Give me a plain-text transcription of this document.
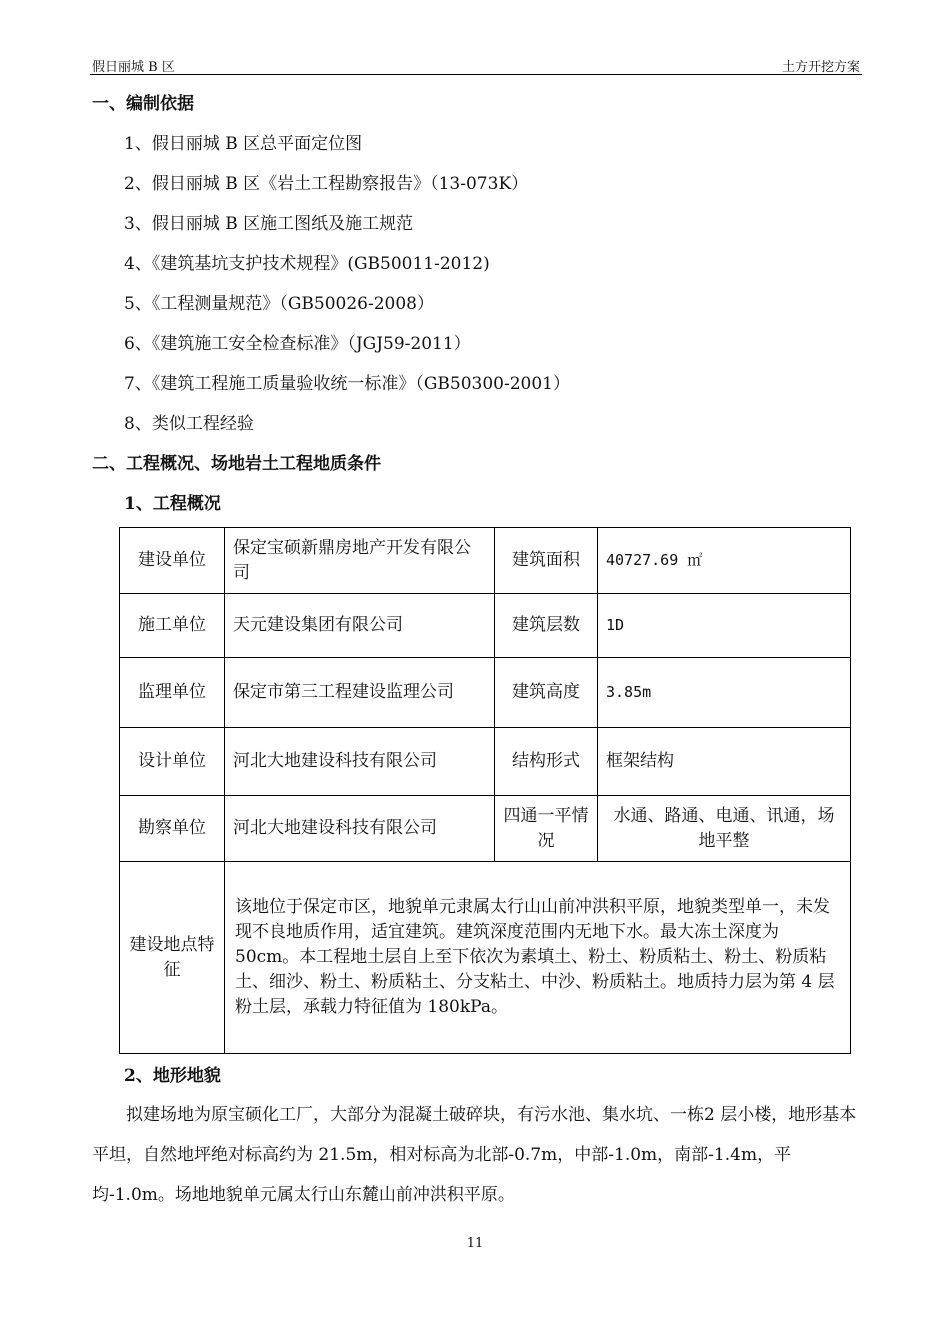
假日丽城 B 区	土方开挖方案
一、编制依据
1、假日丽城 B 区总平面定位图
2、假日丽城 B 区《岩土工程勘察报告》（13-073K）
3、假日丽城 B 区施工图纸及施工规范
4、《建筑基坑支护技术规程》(GB50011-2012)
5、《工程测量规范》（GB50026-2008）
6、《建筑施工安全检查标准》（JGJ59-2011）
7、《建筑工程施工质量验收统一标准》（GB50300-2001）
8、类似工程经验
二、工程概况、场地岩土工程地质条件
1、工程概况
建设单位	保定宝硕新鼎房地产开发有限公司	建筑面积	40727.69 ㎡
施工单位	天元建设集团有限公司	建筑层数	1D
监理单位	保定市第三工程建设监理公司	建筑高度	3.85m
设计单位	河北大地建设科技有限公司	结构形式	框架结构
勘察单位	河北大地建设科技有限公司	四通一平情况	水通、路通、电通、讯通，场地平整
建设地点特征	该地位于保定市区，地貌单元隶属太行山山前冲洪积平原，地貌类型单一，未发现不良地质作用，适宜建筑。建筑深度范围内无地下水。最大冻土深度为 50cm。本工程地土层自上至下依次为素填土、粉土、粉质粘土、粉土、粉质粘土、细沙、粉土、粉质粘土、分支粘土、中沙、粉质粘土。地质持力层为第 4 层粉土层，承载力特征值为 180kPa。		
2、地形地貌
拟建场地为原宝硕化工厂，大部分为混凝土破碎块，有污水池、集水坑、一栋2 层小楼，地形基本平坦，自然地坪绝对标高约为 21.5m，相对标高为北部-0.7m，中部-1.0m，南部-1.4m，平均-1.0m。场地地貌单元属太行山东麓山前冲洪积平原。
11
